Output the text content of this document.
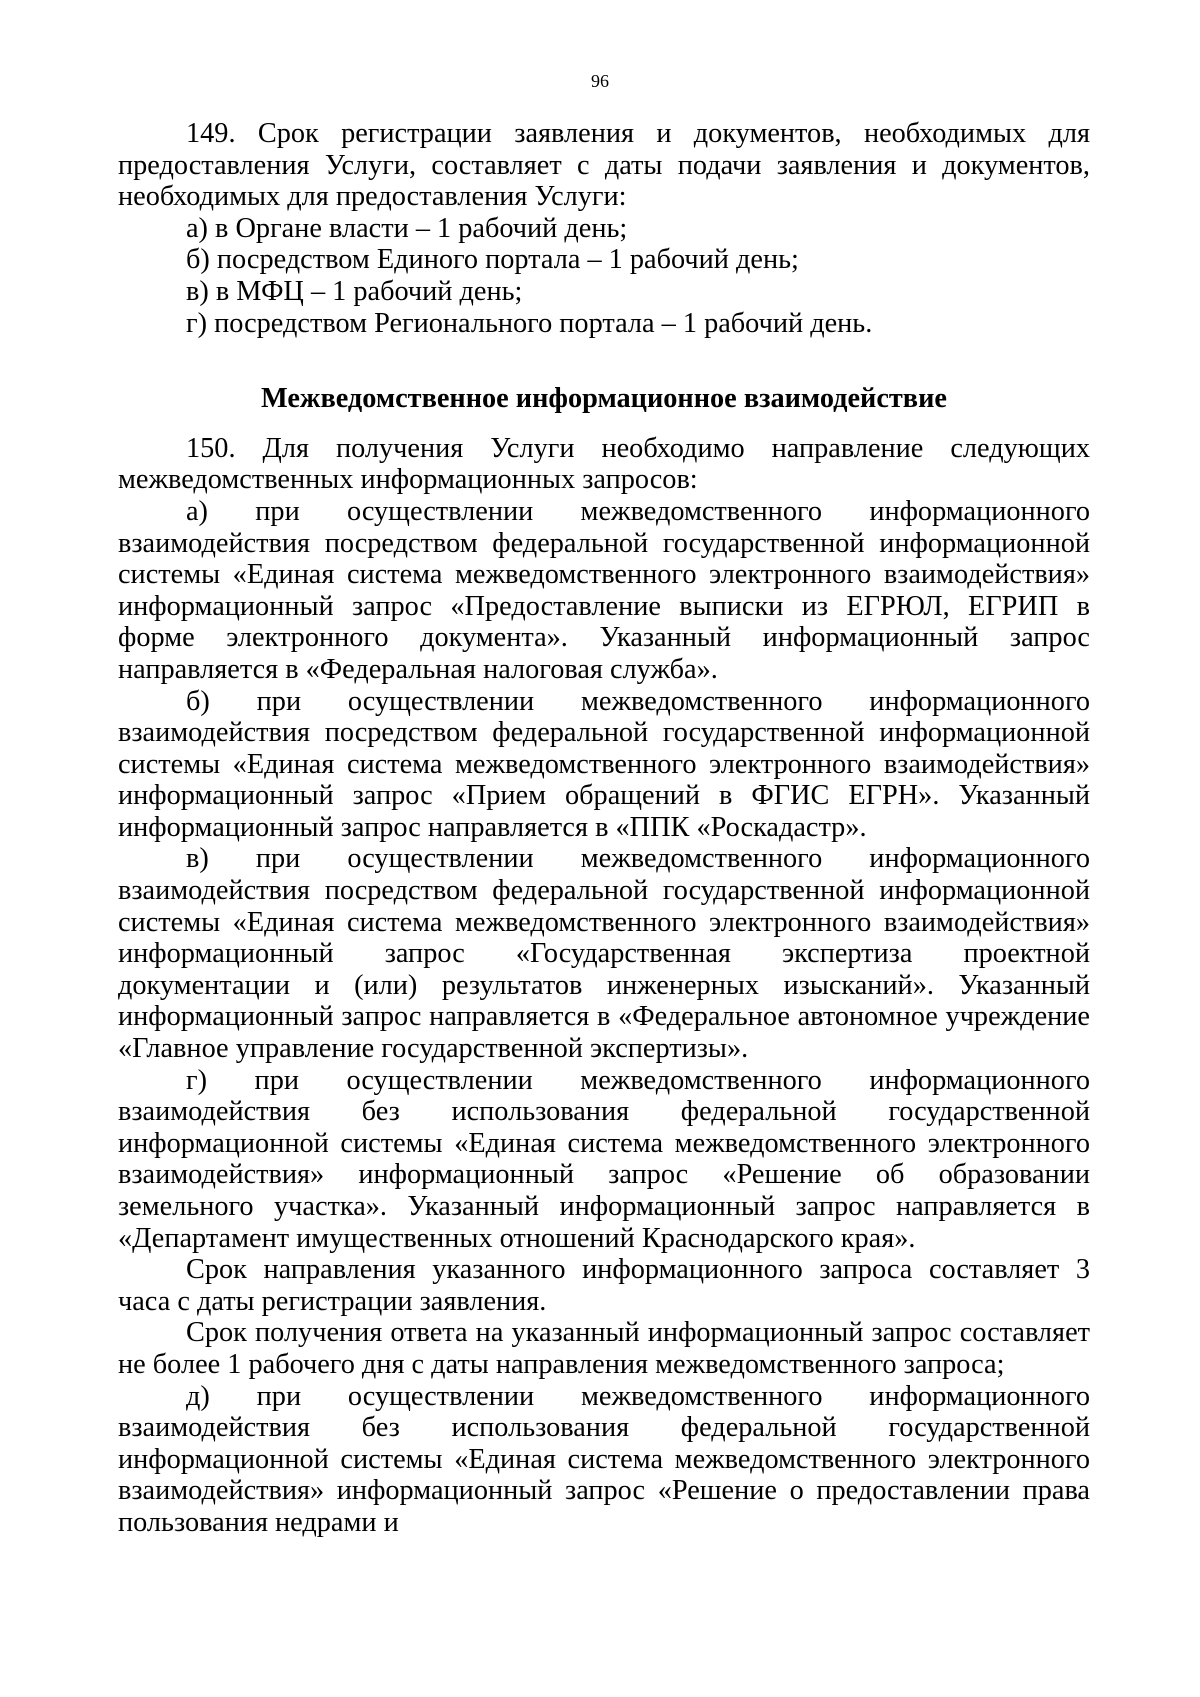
96

149. Срок регистрации заявления и документов, необходимых для предоставления Услуги, составляет с даты подачи заявления и документов, необходимых для предоставления Услуги:

а) в Органе власти – 1 рабочий день;

б) посредством Единого портала – 1 рабочий день;

в) в МФЦ – 1 рабочий день;

г) посредством Регионального портала – 1 рабочий день.

Межведомственное информационное взаимодействие

150. Для получения Услуги необходимо направление следующих межведомственных информационных запросов:

а) при осуществлении межведомственного информационного взаимодействия посредством федеральной государственной информационной системы «Единая система межведомственного электронного взаимодействия» информационный запрос «Предоставление выписки из ЕГРЮЛ, ЕГРИП в форме электронного документа». Указанный информационный запрос направляется в «Федеральная налоговая служба».

б) при осуществлении межведомственного информационного взаимодействия посредством федеральной государственной информационной системы «Единая система межведомственного электронного взаимодействия» информационный запрос «Прием обращений в ФГИС ЕГРН». Указанный информационный запрос направляется в «ППК «Роскадастр».

в) при осуществлении межведомственного информационного взаимодействия посредством федеральной государственной информационной системы «Единая система межведомственного электронного взаимодействия» информационный запрос «Государственная экспертиза проектной документации и (или) результатов инженерных изысканий». Указанный информационный запрос направляется в «Федеральное автономное учреждение «Главное управление государственной экспертизы».

г) при осуществлении межведомственного информационного взаимодействия без использования федеральной государственной информационной системы «Единая система межведомственного электронного взаимодействия» информационный запрос «Решение об образовании земельного участка». Указанный информационный запрос направляется в «Департамент имущественных отношений Краснодарского края».

Срок направления указанного информационного запроса составляет 3 часа с даты регистрации заявления.

Срок получения ответа на указанный информационный запрос составляет не более 1 рабочего дня с даты направления межведомственного запроса;

д) при осуществлении межведомственного информационного взаимодействия без использования федеральной государственной информационной системы «Единая система межведомственного электронного взаимодействия» информационный запрос «Решение о предоставлении права пользования недрами и
